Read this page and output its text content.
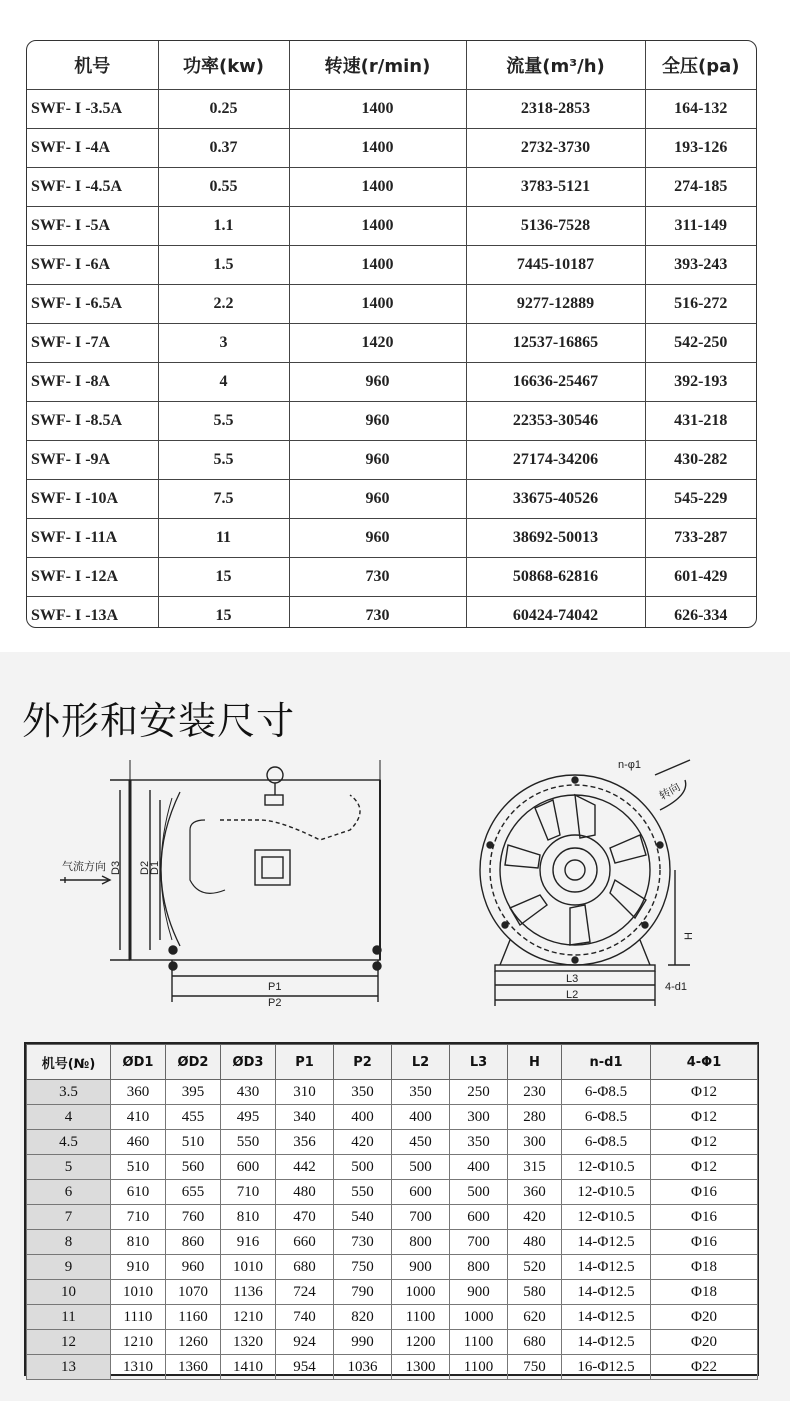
机号	功率(kw)	转速(r/min)	流量(m³/h)	全压(pa)
SWF- I -3.5A	0.25	1400	2318-2853	164-132
SWF- I -4A	0.37	1400	2732-3730	193-126
SWF- I -4.5A	0.55	1400	3783-5121	274-185
SWF- I -5A	1.1	1400	5136-7528	311-149
SWF- I -6A	1.5	1400	7445-10187	393-243
SWF- I -6.5A	2.2	1400	9277-12889	516-272
SWF- I -7A	3	1420	12537-16865	542-250
SWF- I -8A	4	960	16636-25467	392-193
SWF- I -8.5A	5.5	960	22353-30546	431-218
SWF- I -9A	5.5	960	27174-34206	430-282
SWF- I -10A	7.5	960	33675-40526	545-229
SWF- I -11A	11	960	38692-50013	733-287
SWF- I -12A	15	730	50868-62816	601-429
SWF- I -13A	15	730	60424-74042	626-334
外形和安装尺寸
气流方向 D3 D2
D1
P1
P2
n-φ1
转向
H
L3
L2
4-d1
机号(№)	ØD1	ØD2	ØD3	P1	P2	L2	L3	H	n-d1	4-Φ1
3.5	360	395	430	310	350	350	250	230	6-Φ8.5	Φ12
4	410	455	495	340	400	400	300	280	6-Φ8.5	Φ12
4.5	460	510	550	356	420	450	350	300	6-Φ8.5	Φ12
5	510	560	600	442	500	500	400	315	12-Φ10.5	Φ12
6	610	655	710	480	550	600	500	360	12-Φ10.5	Φ16
7	710	760	810	470	540	700	600	420	12-Φ10.5	Φ16
8	810	860	916	660	730	800	700	480	14-Φ12.5	Φ16
9	910	960	1010	680	750	900	800	520	14-Φ12.5	Φ18
10	1010	1070	1136	724	790	1000	900	580	14-Φ12.5	Φ18
11	1110	1160	1210	740	820	1100	1000	620	14-Φ12.5	Φ20
12	1210	1260	1320	924	990	1200	1100	680	14-Φ12.5	Φ20
13	1310	1360	1410	954	1036	1300	1100	750	16-Φ12.5	Φ22
